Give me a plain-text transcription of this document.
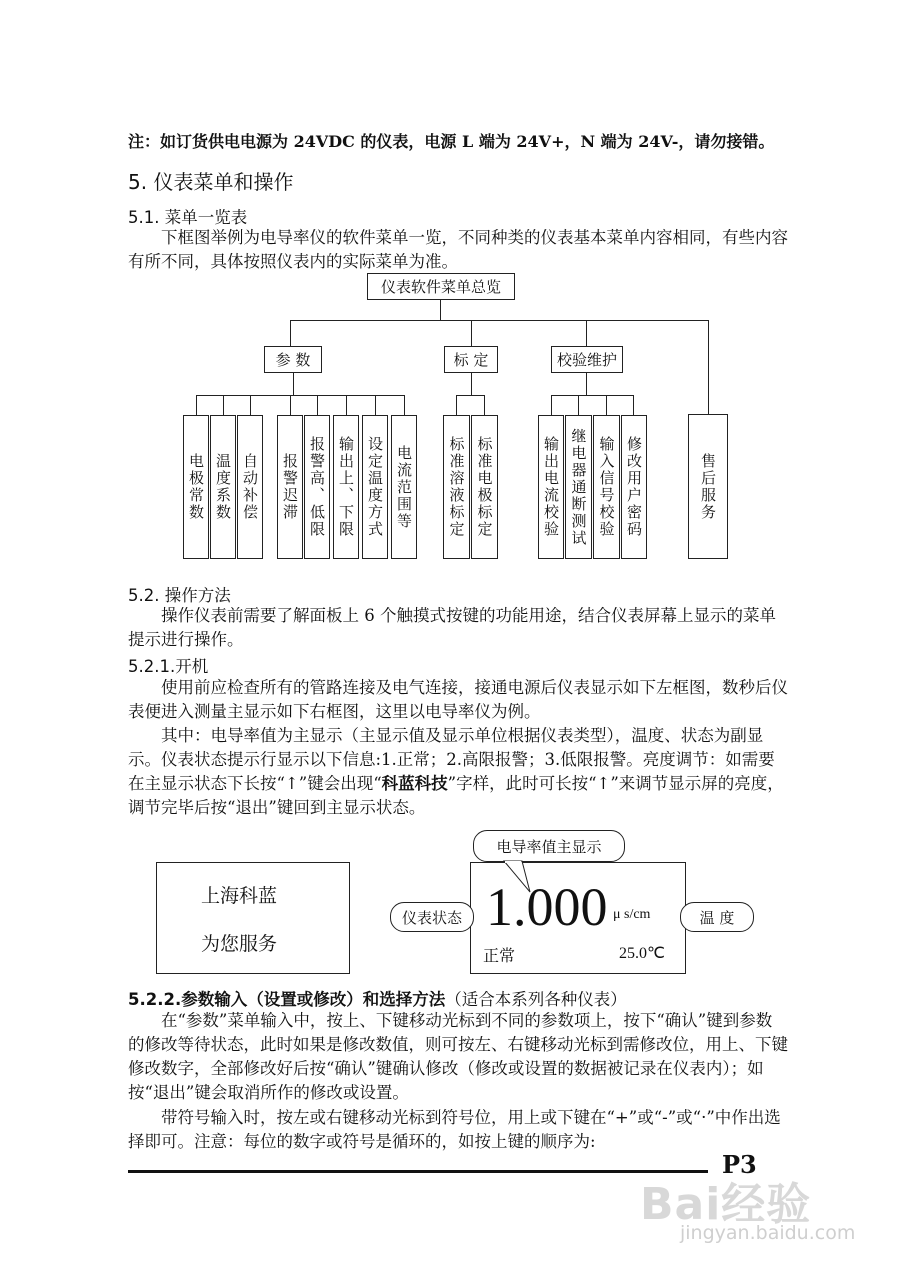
注：如订货供电电源为 24VDC 的仪表，电源 L 端为 24V+，N 端为 24V-，请勿接错。
5. 仪表菜单和操作
5.1. 菜单一览表
下框图举例为电导率仪的软件菜单一览，不同种类的仪表基本菜单内容相同，有些内容有所不同，具体按照仪表内的实际菜单为准。
仪表软件菜单总览
参 数	标 定	校验维护
电极常数 温度系数 自动补偿 报警迟滞 报警高、低限 输出上、下限 设定温度方式 电流范围等 标准溶液标定 标准电极标定	输出电流校验 继电器通断测试 输入信号校验 修改用户密码	售后服务
5.2. 操作方法
操作仪表前需要了解面板上 6 个触摸式按键的功能用途，结合仪表屏幕上显示的菜单提示进行操作。
5.2.1.开机
使用前应检查所有的管路连接及电气连接，接通电源后仪表显示如下左框图，数秒后仪表便进入测量主显示如下右框图，这里以电导率仪为例。
其中：电导率值为主显示（主显示值及显示单位根据仪表类型），温度、状态为副显示。仪表状态提示行显示以下信息:1.正常；2.高限报警；3.低限报警。亮度调节：如需要在主显示状态下长按“↑”键会出现“科蓝科技”字样，此时可长按“↑”来调节显示屏的亮度，调节完毕后按“退出”键回到主显示状态。
上海科蓝
为您服务
1.000 μ s/cm
正常	25.0℃
电导率值主显示
仪表状态	温 度
5.2.2.参数输入（设置或修改）和选择方法（适合本系列各种仪表）
在“参数”菜单输入中，按上、下键移动光标到不同的参数项上，按下“确认”键到参数的修改等待状态，此时如果是修改数值，则可按左、右键移动光标到需修改位，用上、下键修改数字，全部修改好后按“确认”键确认修改（修改或设置的数据被记录在仪表内）；如按“退出”键会取消所作的修改或设置。
带符号输入时，按左或右键移动光标到符号位，用上或下键在“+”或“-”或“·”中作出选择即可。注意：每位的数字或符号是循环的，如按上键的顺序为:
Bai经验
P3
jingyan.baidu.com
